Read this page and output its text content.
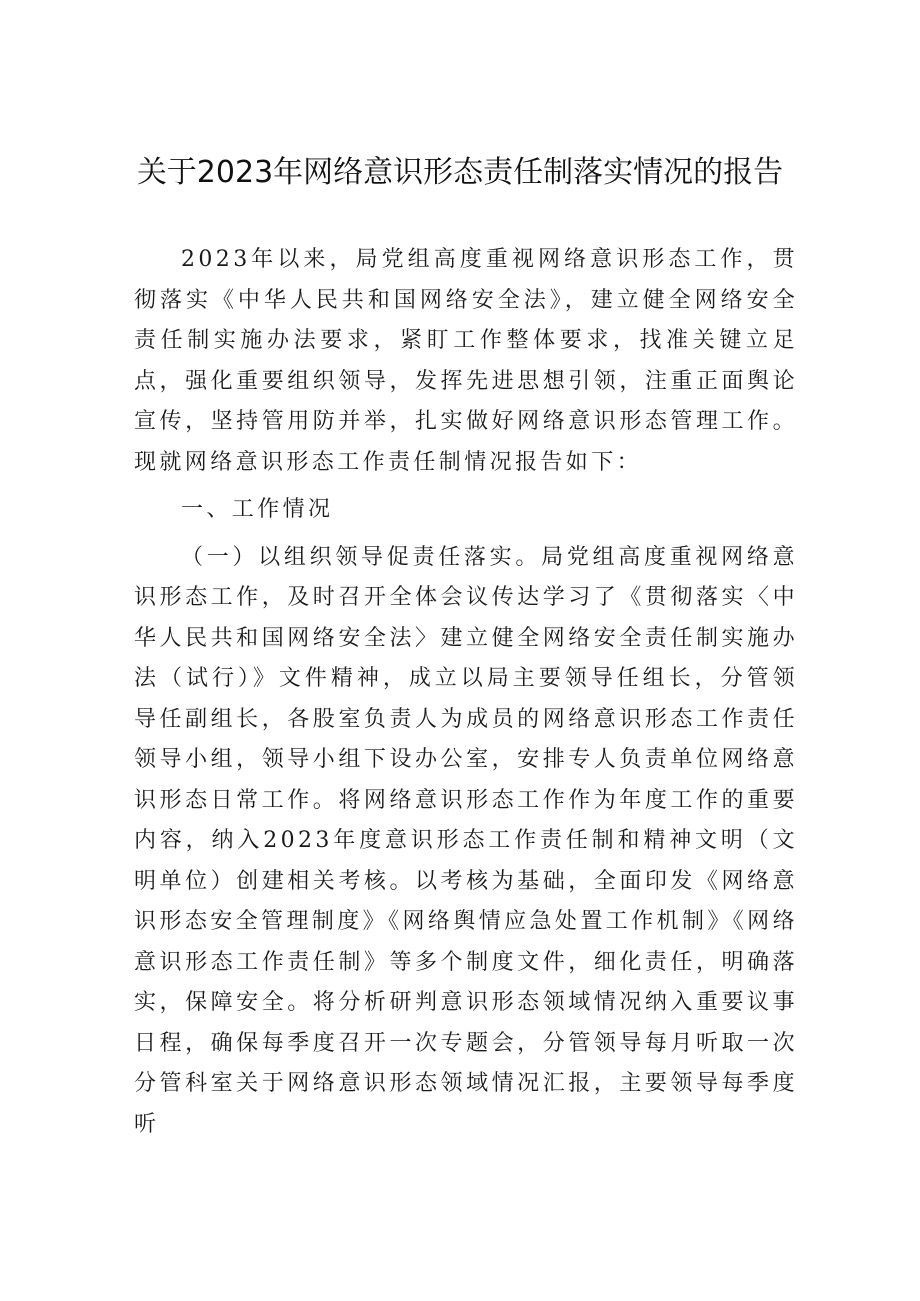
关于2023年网络意识形态责任制落实情况的报告

2023年以来，局党组高度重视网络意识形态工作，贯彻落实《中华人民共和国网络安全法》，建立健全网络安全责任制实施办法要求，紧盯工作整体要求，找准关键立足点，强化重要组织领导，发挥先进思想引领，注重正面舆论宣传，坚持管用防并举，扎实做好网络意识形态管理工作。现就网络意识形态工作责任制情况报告如下：

一、工作情况

（一）以组织领导促责任落实。局党组高度重视网络意识形态工作，及时召开全体会议传达学习了《贯彻落实〈中华人民共和国网络安全法〉建立健全网络安全责任制实施办法（试行）》文件精神，成立以局主要领导任组长，分管领导任副组长，各股室负责人为成员的网络意识形态工作责任领导小组，领导小组下设办公室，安排专人负责单位网络意识形态日常工作。将网络意识形态工作作为年度工作的重要内容，纳入2023年度意识形态工作责任制和精神文明（文明单位）创建相关考核。以考核为基础，全面印发《网络意识形态安全管理制度》《网络舆情应急处置工作机制》《网络意识形态工作责任制》等多个制度文件，细化责任，明确落实，保障安全。将分析研判意识形态领域情况纳入重要议事日程，确保每季度召开一次专题会，分管领导每月听取一次分管科室关于网络意识形态领域情况汇报，主要领导每季度听
